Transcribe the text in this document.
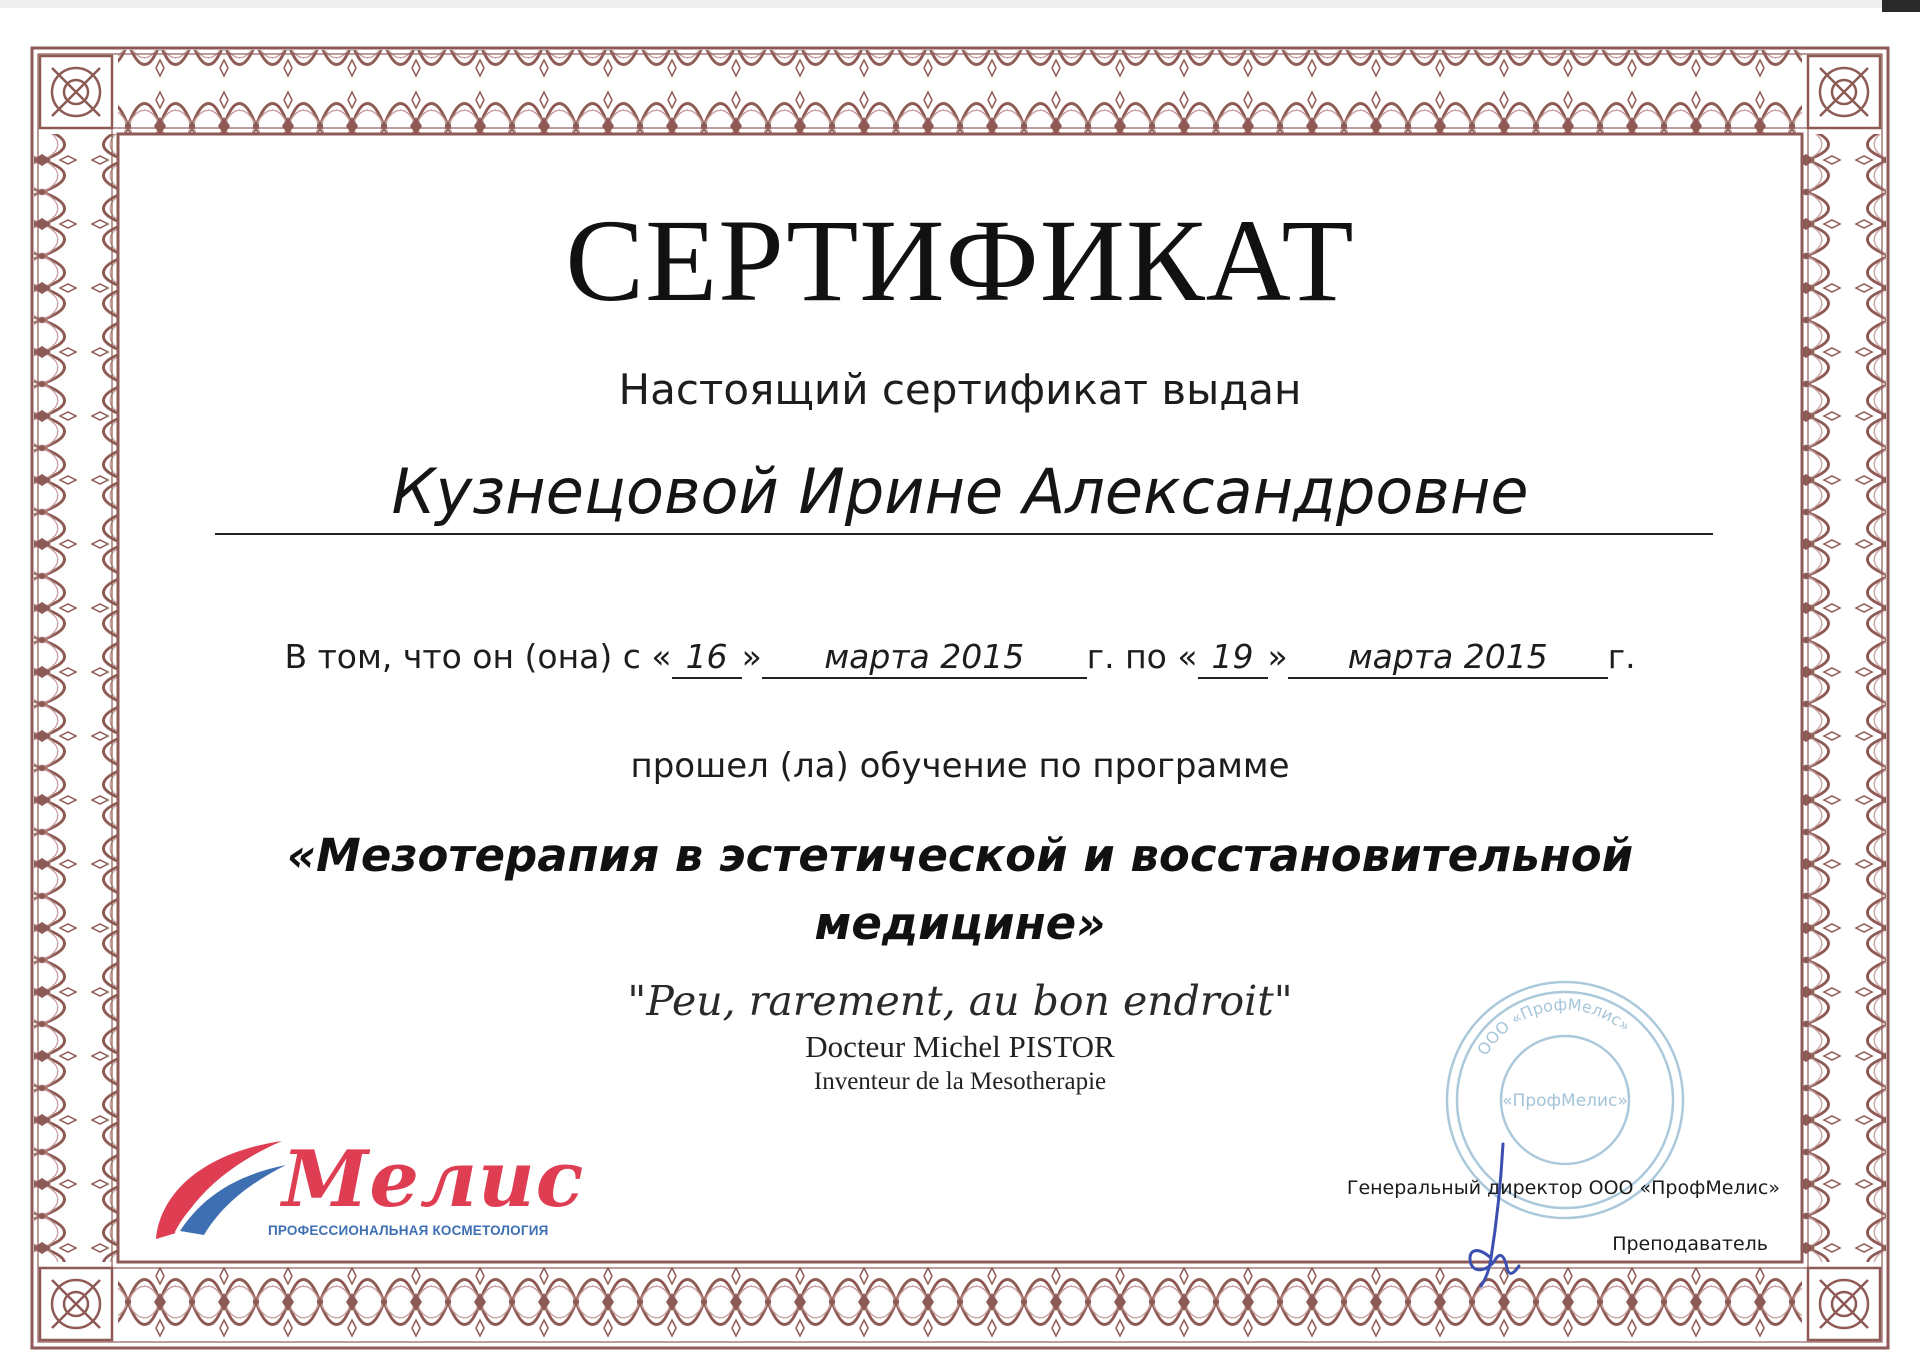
СЕРТИФИКАТ
Настоящий сертификат выдан
Кузнецовой Ирине Александровне
В том, что он (она) с « 16 » марта 2015 г. по « 19 » марта 2015 г.
прошел (ла) обучение по программе
«Мезотерапия в эстетической и восстановительной
медицине»
"Peu, rarement, au bon endroit"
Docteur Michel PISTOR
Inventeur de la Mesotherapie
Мелис
ПРОФЕССИОНАЛЬНАЯ КОСМЕТОЛОГИЯ
ООО «ПрофМелис»
«ПрофМелис»
Генеральный директор ООО «ПрофМелис»
Преподаватель
